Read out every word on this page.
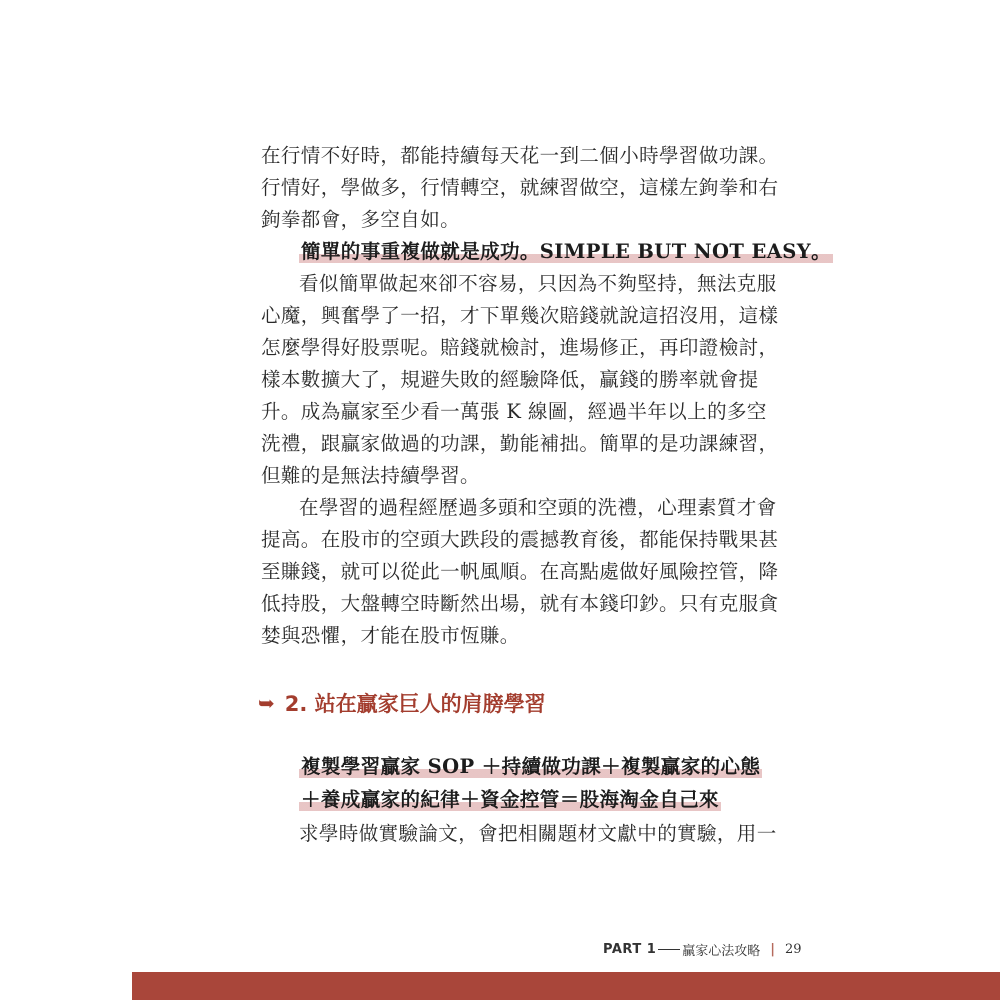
在行情不好時，都能持續每天花一到二個小時學習做功課。
行情好，學做多，行情轉空，就練習做空，這樣左鉤拳和右
鉤拳都會，多空自如。
簡單的事重複做就是成功。SIMPLE BUT NOT EASY。
看似簡單做起來卻不容易，只因為不夠堅持，無法克服
心魔，興奮學了一招，才下單幾次賠錢就說這招沒用，這樣
怎麼學得好股票呢。賠錢就檢討，進場修正，再印證檢討，
樣本數擴大了，規避失敗的經驗降低，贏錢的勝率就會提
升。成為贏家至少看一萬張 K 線圖，經過半年以上的多空
洗禮，跟贏家做過的功課，勤能補拙。簡單的是功課練習，
但難的是無法持續學習。
在學習的過程經歷過多頭和空頭的洗禮，心理素質才會
提高。在股市的空頭大跌段的震撼教育後，都能保持戰果甚
至賺錢，就可以從此一帆風順。在高點處做好風險控管，降
低持股，大盤轉空時斷然出場，就有本錢印鈔。只有克服貪
婪與恐懼，才能在股市恆賺。
➥ 2. 站在贏家巨人的肩膀學習
複製學習贏家 SOP ＋持續做功課＋複製贏家的心態
＋養成贏家的紀律＋資金控管＝股海淘金自己來
求學時做實驗論文，會把相關題材文獻中的實驗，用一
PART 1 贏家心法攻略 | 29
